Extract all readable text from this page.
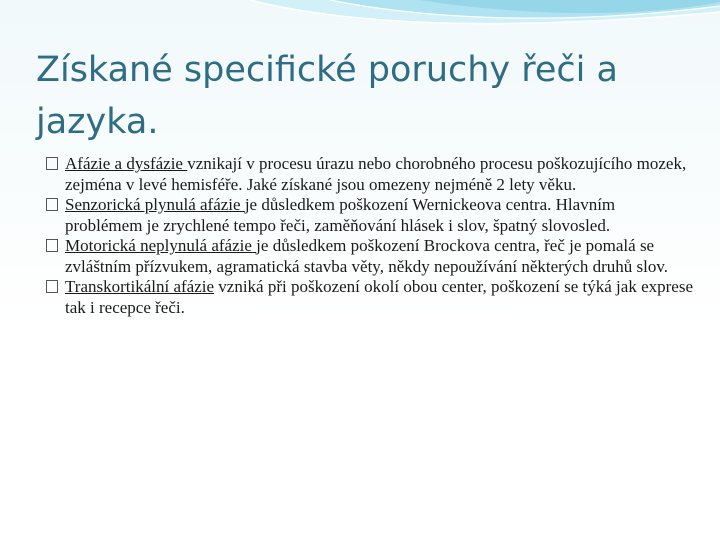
Získané specifické poruchy řeči a jazyka.

Afázie a dysfázie vznikají v procesu úrazu nebo chorobného procesu poškozujícího mozek, zejména v levé hemisféře. Jaké získané jsou omezeny nejméně 2 lety věku.

Senzorická plynulá afázie je důsledkem poškození Wernickeova centra. Hlavním problémem je zrychlené tempo řeči, zaměňování hlásek i slov, špatný slovosled.

Motorická neplynulá afázie je důsledkem poškození Brockova centra, řeč je pomalá se zvláštním přízvukem, agramatická stavba věty, někdy nepoužívání některých druhů slov.

Transkortikální afázie vzniká při poškození okolí obou center, poškození se týká jak exprese tak i recepce řeči.
